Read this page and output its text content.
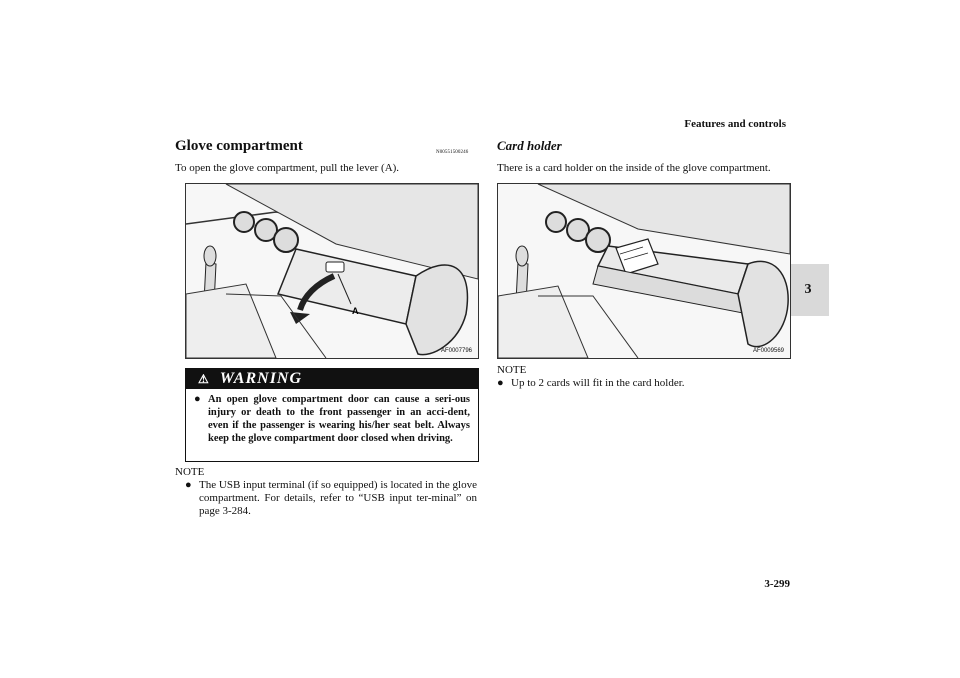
Features and controls
3
Glove compartment	N00551500246
To open the glove compartment, pull the lever (A).
A
AF0007796
⚠ WARNING
● An open glove compartment door can cause a seri-ous injury or death to the front passenger in an acci-dent, even if the passenger is wearing his/her seat belt. Always keep the glove compartment door closed when driving.
NOTE
● The USB input terminal (if so equipped) is located in the glove compartment. For details, refer to “USB input ter-minal” on page 3-284.
Card holder
There is a card holder on the inside of the glove compartment.
AF0009569
NOTE
● Up to 2 cards will fit in the card holder.
3-299
